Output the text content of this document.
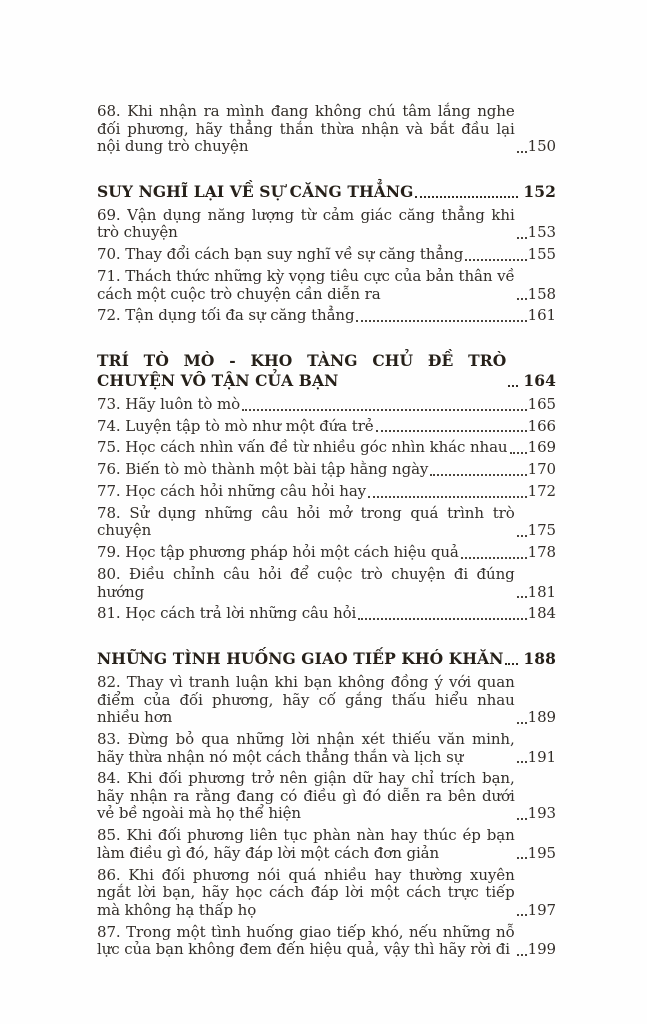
68. Khi nhận ra mình đang không chú tâm lắng nghe đối phương, hãy thẳng thắn thừa nhận và bắt đầu lại nội dung trò chuyện	150
SUY NGHĨ LẠI VỀ SỰ CĂNG THẲNG	152
69. Vận dụng năng lượng từ cảm giác căng thẳng khi trò chuyện	153
70. Thay đổi cách bạn suy nghĩ về sự căng thẳng	155
71. Thách thức những kỳ vọng tiêu cực của bản thân về cách một cuộc trò chuyện cần diễn ra	158
72. Tận dụng tối đa sự căng thẳng	161
TRÍ TÒ MÒ - KHO TÀNG CHỦ ĐỀ TRÒ CHUYỆN VÔ TẬN CỦA BẠN	164
73. Hãy luôn tò mò	165
74. Luyện tập tò mò như một đứa trẻ	166
75. Học cách nhìn vấn đề từ nhiều góc nhìn khác nhau 169
76. Biến tò mò thành một bài tập hằng ngày	170
77. Học cách hỏi những câu hỏi hay	172
78. Sử dụng những câu hỏi mở trong quá trình trò chuyện	175
79. Học tập phương pháp hỏi một cách hiệu quả	178
80. Điều chỉnh câu hỏi để cuộc trò chuyện đi đúng hướng	181
81. Học cách trả lời những câu hỏi	184
NHỮNG TÌNH HUỐNG GIAO TIẾP KHÓ KHĂN 188
82. Thay vì tranh luận khi bạn không đồng ý với quan điểm của đối phương, hãy cố gắng thấu hiểu nhau nhiều hơn	189
83. Đừng bỏ qua những lời nhận xét thiếu văn minh, hãy thừa nhận nó một cách thẳng thắn và lịch sự	191
84. Khi đối phương trở nên giận dữ hay chỉ trích bạn, hãy nhận ra rằng đang có điều gì đó diễn ra bên dưới vẻ bề ngoài mà họ thể hiện	193
85. Khi đối phương liên tục phàn nàn hay thúc ép bạn làm điều gì đó, hãy đáp lời một cách đơn giản	195
86. Khi đối phương nói quá nhiều hay thường xuyên ngắt lời bạn, hãy học cách đáp lời một cách trực tiếp mà không hạ thấp họ	197
87. Trong một tình huống giao tiếp khó, nếu những nỗ lực của bạn không đem đến hiệu quả, vậy thì hãy rời đi	199
